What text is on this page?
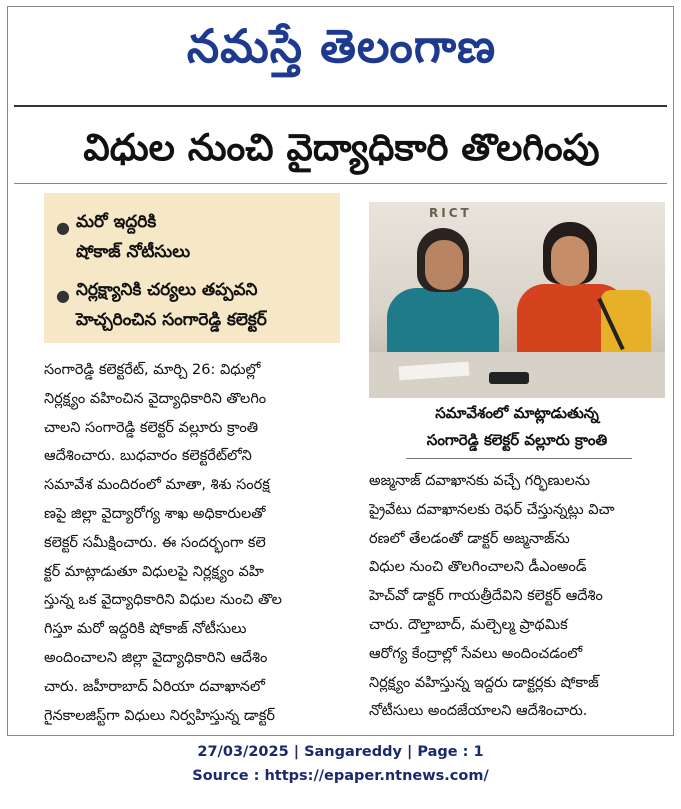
నమస్తే తెలంగాణ
విధుల నుంచి వైద్యాధికారి తొలగింపు
● మరో ఇద్దరికి
షోకాజ్ నోటీసులు
● నిర్లక్ష్యానికి చర్యలు తప్పవని
హెచ్చరించిన సంగారెడ్డి కలెక్టర్
RICT
సమావేశంలో మాట్లాడుతున్న
సంగారెడ్డి కలెక్టర్ వల్లూరు క్రాంతి
సంగారెడ్డి కలెక్టరేట్, మార్చి 26: విధుల్లో
నిర్లక్ష్యం వహించిన వైద్యాధికారిని తొలగిం
చాలని సంగారెడ్డి కలెక్టర్ వల్లూరు క్రాంతి
ఆదేశించారు. బుధవారం కలెక్టరేట్‌లోని
సమావేశ మందిరంలో మాతా, శిశు సంరక్ష
ణపై జిల్లా వైద్యారోగ్య శాఖ అధికారులతో
కలెక్టర్ సమీక్షించారు. ఈ సందర్భంగా కలె
క్టర్ మాట్లాడుతూ విధులపై నిర్లక్ష్యం వహి
స్తున్న ఒక వైద్యాధికారిని విధుల నుంచి తొల
గిస్తూ మరో ఇద్దరికి షోకాజ్ నోటీసులు
అందించాలని జిల్లా వైద్యాధికారిని ఆదేశిం
చారు. జహీరాబాద్ ఏరియా దవాఖానలో
గైనకాలజిస్ట్‌గా విధులు నిర్వహిస్తున్న డాక్టర్
అజ్మనాజ్ దవాఖానకు వచ్చే గర్భిణులను
ప్రైవేటు దవాఖానలకు రెఫర్ చేస్తున్నట్లు విచా
రణలో తేలడంతో డాక్టర్ అజ్మనాజ్‌ను
విధుల నుంచి తొలగించాలని డీఎంఅండ్
హెచ్‌వో డాక్టర్ గాయత్రీదేవిని కలెక్టర్ ఆదేశిం
చారు. దౌల్తాబాద్, మల్చెల్మ ప్రాథమిక
ఆరోగ్య కేంద్రాల్లో సేవలు అందించడంలో
నిర్లక్ష్యం వహిస్తున్న ఇద్దరు డాక్టర్లకు షోకాజ్
నోటీసులు అందజేయాలని ఆదేశించారు.
27/03/2025 | Sangareddy | Page : 1
Source : https://epaper.ntnews.com/
